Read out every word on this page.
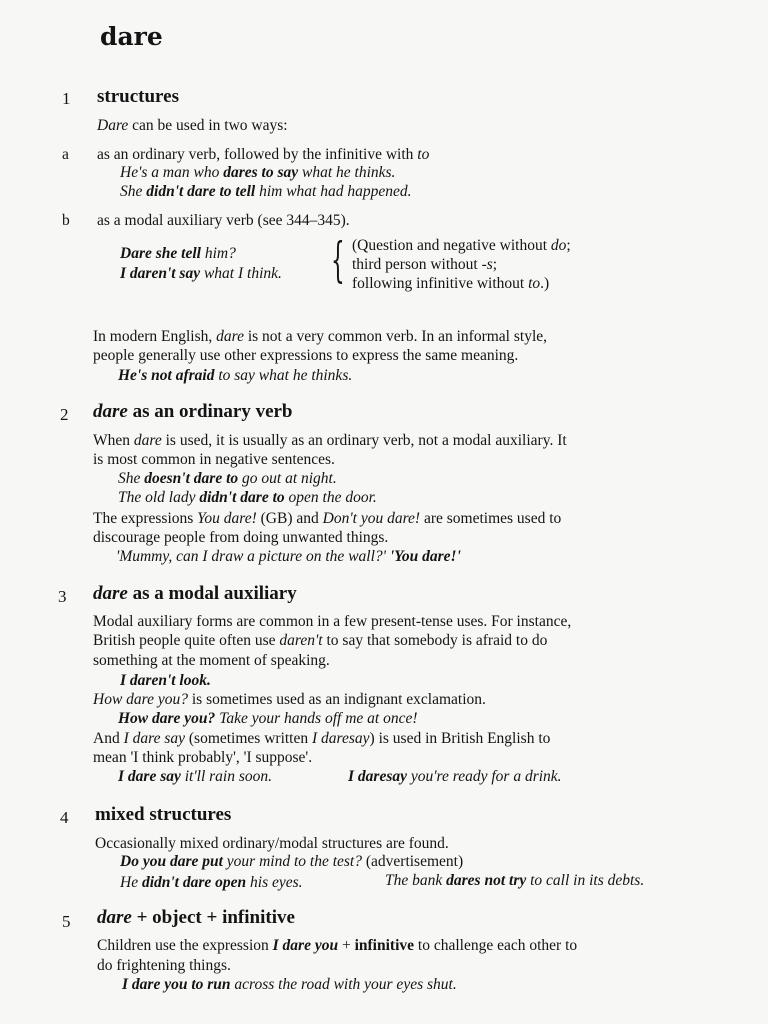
dare
1 structures
Dare can be used in two ways:
a as an ordinary verb, followed by the infinitive with to
He's a man who dares to say what he thinks.
She didn't dare to tell him what had happened.
b as a modal auxiliary verb (see 344–345).
Dare she tell him?
I daren't say what I think. { (Question and negative without do;
third person without -s;
following infinitive without to.)
In modern English, dare is not a very common verb. In an informal style,
people generally use other expressions to express the same meaning.
He's not afraid to say what he thinks.
2 dare as an ordinary verb
When dare is used, it is usually as an ordinary verb, not a modal auxiliary. It
is most common in negative sentences.
She doesn't dare to go out at night.
The old lady didn't dare to open the door.
The expressions You dare! (GB) and Don't you dare! are sometimes used to
discourage people from doing unwanted things.
'Mummy, can I draw a picture on the wall?' 'You dare!'
3 dare as a modal auxiliary
Modal auxiliary forms are common in a few present-tense uses. For instance,
British people quite often use daren't to say that somebody is afraid to do
something at the moment of speaking.
I daren't look.
How dare you? is sometimes used as an indignant exclamation.
How dare you? Take your hands off me at once!
And I dare say (sometimes written I daresay) is used in British English to
mean 'I think probably', 'I suppose'.
I dare say it'll rain soon.	I daresay you're ready for a drink.
4 mixed structures
Occasionally mixed ordinary/modal structures are found.
Do you dare put your mind to the test? (advertisement)
He didn't dare open his eyes.	The bank dares not try to call in its debts.
5 dare + object + infinitive
Children use the expression I dare you + infinitive to challenge each other to
do frightening things.
I dare you to run across the road with your eyes shut.
